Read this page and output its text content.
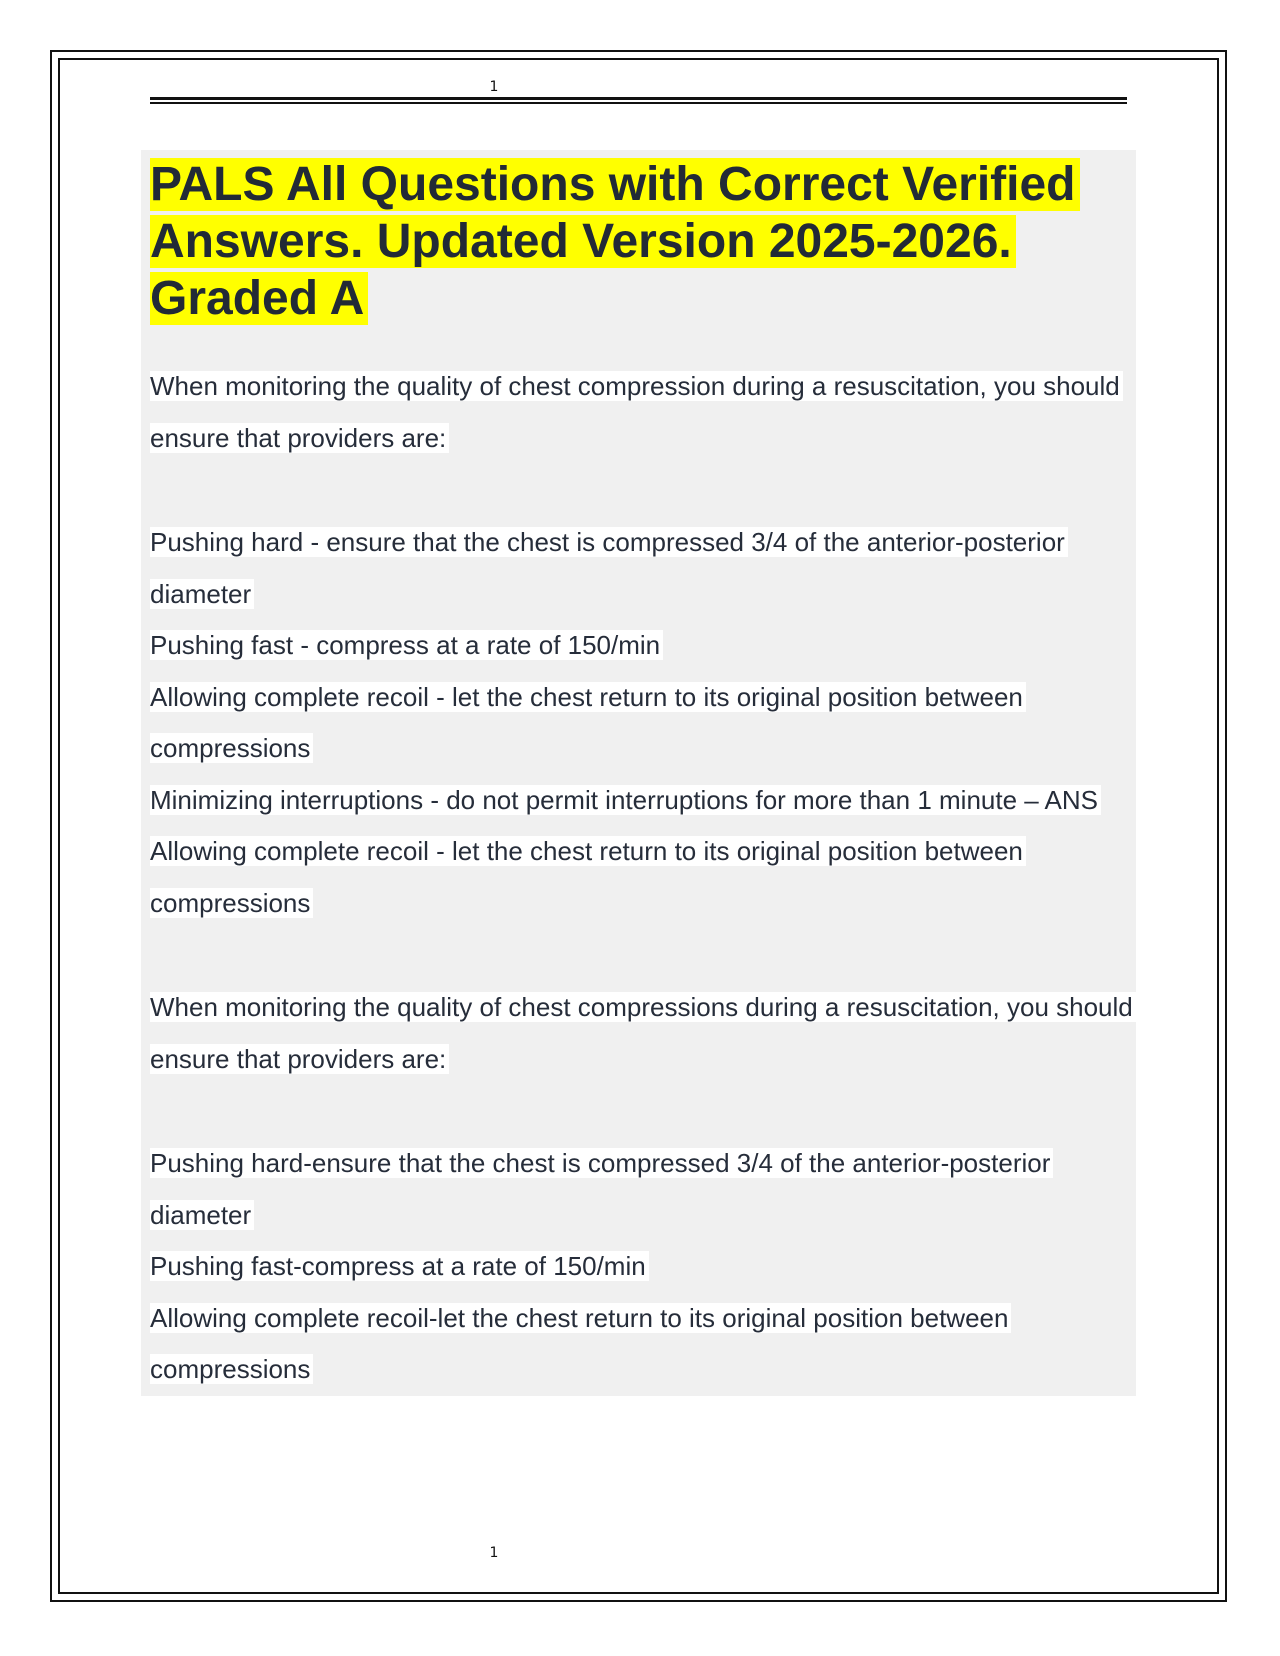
1
PALS All Questions with Correct Verified Answers. Updated Version 2025-2026. Graded A

When monitoring the quality of chest compression during a resuscitation, you should ensure that providers are:

Pushing hard - ensure that the chest is compressed 3/4 of the anterior-posterior diameter

Pushing fast - compress at a rate of 150/min

Allowing complete recoil - let the chest return to its original position between compressions

Minimizing interruptions - do not permit interruptions for more than 1 minute – ANS Allowing complete recoil - let the chest return to its original position between compressions

When monitoring the quality of chest compressions during a resuscitation, you should ensure that providers are:

Pushing hard-ensure that the chest is compressed 3/4 of the anterior-posterior diameter

Pushing fast-compress at a rate of 150/min

Allowing complete recoil-let the chest return to its original position between compressions

1
